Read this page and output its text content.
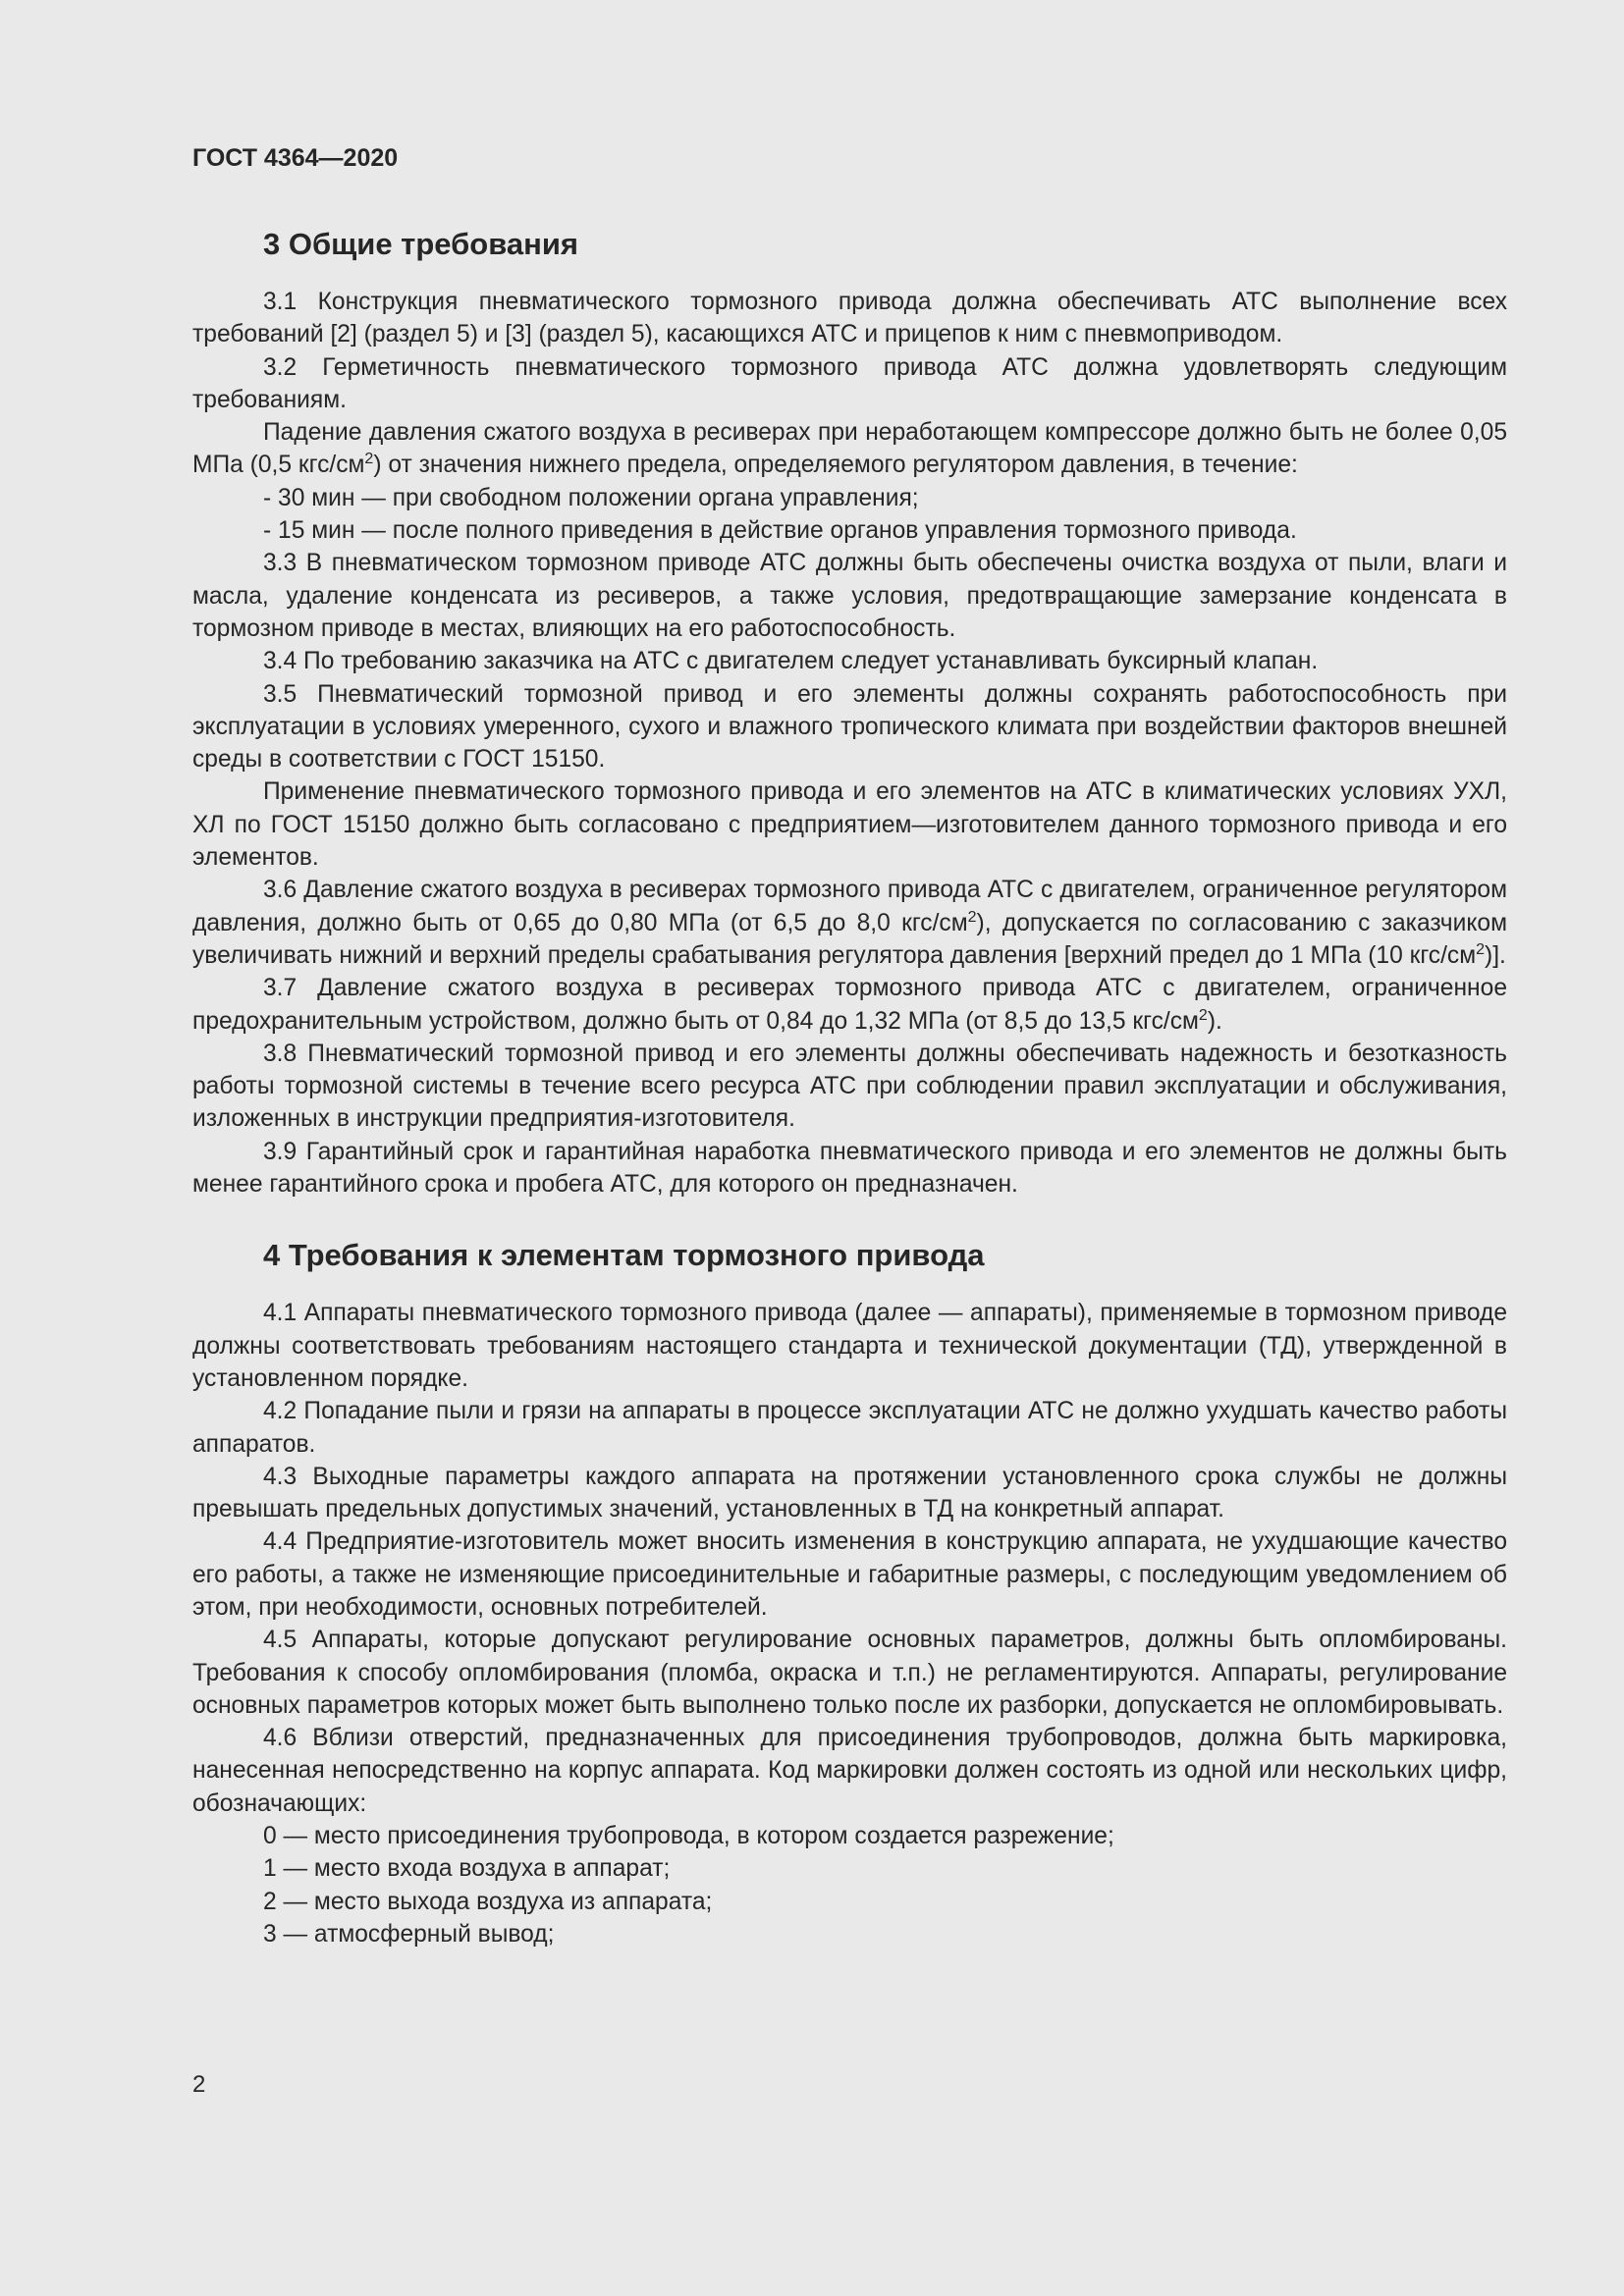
ГОСТ 4364—2020
3 Общие требования

3.1 Конструкция пневматического тормозного привода должна обеспечивать АТС выполнение всех требований [2] (раздел 5) и [3] (раздел 5), касающихся АТС и прицепов к ним с пневмоприводом.

3.2 Герметичность пневматического тормозного привода АТС должна удовлетворять следующим требованиям.

Падение давления сжатого воздуха в ресиверах при неработающем компрессоре должно быть не более 0,05 МПа (0,5 кгс/$см^2$) от значения нижнего предела, определяемого регулятором давления, в течение:

- 30 мин — при свободном положении органа управления;

- 15 мин — после полного приведения в действие органов управления тормозного привода.

3.3 В пневматическом тормозном приводе АТС должны быть обеспечены очистка воздуха от пыли, влаги и масла, удаление конденсата из ресиверов, а также условия, предотвращающие замерзание конденсата в тормозном приводе в местах, влияющих на его работоспособность.

3.4 По требованию заказчика на АТС с двигателем следует устанавливать буксирный клапан.

3.5 Пневматический тормозной привод и его элементы должны сохранять работоспособность при эксплуатации в условиях умеренного, сухого и влажного тропического климата при воздействии факторов внешней среды в соответствии с ГОСТ 15150.

Применение пневматического тормозного привода и его элементов на АТС в климатических условиях УХЛ, ХЛ по ГОСТ 15150 должно быть согласовано с предприятием—изготовителем данного тормозного привода и его элементов.

3.6 Давление сжатого воздуха в ресиверах тормозного привода АТС с двигателем, ограниченное регулятором давления, должно быть от 0,65 до 0,80 МПа (от 6,5 до 8,0 кгс/$см^2$), допускается по согласованию с заказчиком увеличивать нижний и верхний пределы срабатывания регулятора давления [верхний предел до 1 МПа (10 кгс/$см^2$)].

3.7 Давление сжатого воздуха в ресиверах тормозного привода АТС с двигателем, ограниченное предохранительным устройством, должно быть от 0,84 до 1,32 МПа (от 8,5 до 13,5 кгс/$см^2$).

3.8 Пневматический тормозной привод и его элементы должны обеспечивать надежность и безотказность работы тормозной системы в течение всего ресурса АТС при соблюдении правил эксплуатации и обслуживания, изложенных в инструкции предприятия-изготовителя.

3.9 Гарантийный срок и гарантийная наработка пневматического привода и его элементов не должны быть менее гарантийного срока и пробега АТС, для которого он предназначен.

4 Требования к элементам тормозного привода

4.1 Аппараты пневматического тормозного привода (далее — аппараты), применяемые в тормозном приводе должны соответствовать требованиям настоящего стандарта и технической документации (ТД), утвержденной в установленном порядке.

4.2 Попадание пыли и грязи на аппараты в процессе эксплуатации АТС не должно ухудшать качество работы аппаратов.

4.3 Выходные параметры каждого аппарата на протяжении установленного срока службы не должны превышать предельных допустимых значений, установленных в ТД на конкретный аппарат.

4.4 Предприятие-изготовитель может вносить изменения в конструкцию аппарата, не ухудшающие качество его работы, а также не изменяющие присоединительные и габаритные размеры, с последующим уведомлением об этом, при необходимости, основных потребителей.

4.5 Аппараты, которые допускают регулирование основных параметров, должны быть опломбированы. Требования к способу опломбирования (пломба, окраска и т.п.) не регламентируются. Аппараты, регулирование основных параметров которых может быть выполнено только после их разборки, допускается не опломбировывать.

4.6 Вблизи отверстий, предназначенных для присоединения трубопроводов, должна быть маркировка, нанесенная непосредственно на корпус аппарата. Код маркировки должен состоять из одной или нескольких цифр, обозначающих:

0 — место присоединения трубопровода, в котором создается разрежение;

1 — место входа воздуха в аппарат;

2 — место выхода воздуха из аппарата;

3 — атмосферный вывод;

2
